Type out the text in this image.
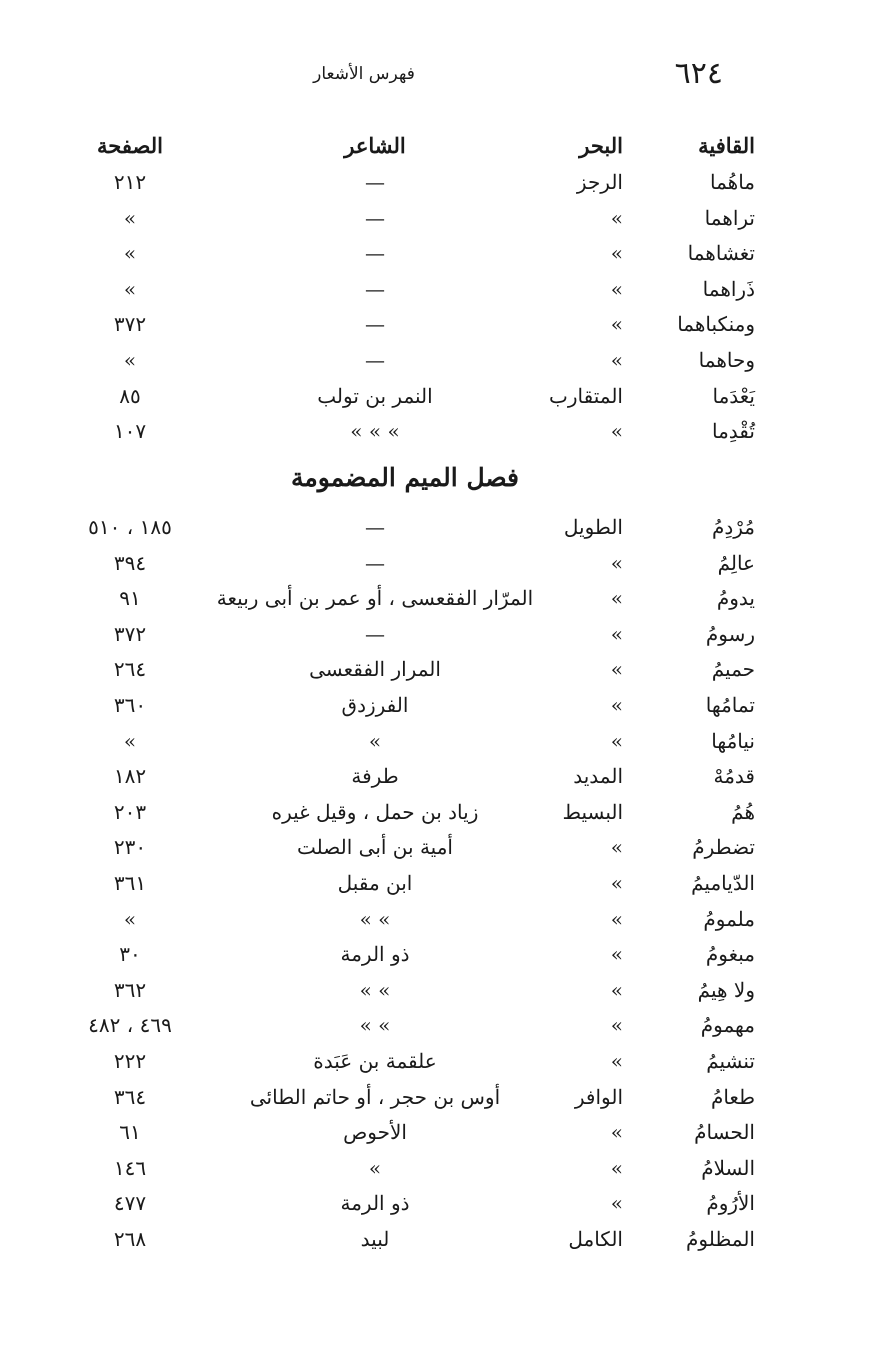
٦٢٤
فهرس الأشعار
القافية
البحر
الشاعر
الصفحة
ماهُما
الرجز
—
٢١٢
تراهما
»
—
»
تغشاهما
»
—
»
ذَراهما
»
—
»
ومنكباهما
»
—
٣٧٢
وحاهما
»
—
»
يَعْدَما
المتقارب
النمر بن تولب
٨٥
تُقْدِما
»
» » »
١٠٧
فصل الميم المضمومة
مُرْدِمُ
الطويل
—
١٨٥ ، ٥١٠
عالِمُ
»
—
٣٩٤
يدومُ
»
المرّار الفقعسى ، أو عمر بن أبى ربيعة
٩١
رسومُ
»
—
٣٧٢
حميمُ
»
المرار الفقعسى
٢٦٤
تمامُها
»
الفرزدق
٣٦٠
نيامُها
»
»
»
قدمُهْ
المديد
طرفة
١٨٢
هُمُ
البسيط
زياد بن حمل ، وقيل غيره
٢٠٣
تضطرمُ
»
أمية بن أبى الصلت
٢٣٠
الدّياميمُ
»
ابن مقبل
٣٦١
ملمومُ
»
» »
»
مبغومُ
»
ذو الرمة
٣٠
ولا هِيمُ
»
» »
٣٦٢
مهمومُ
»
» »
٤٦٩ ، ٤٨٢
تنشيمُ
»
علقمة بن عَبَدة
٢٢٢
طعامُ
الوافر
أوس بن حجر ، أو حاتم الطائى
٣٦٤
الحسامُ
»
الأحوص
٦١
السلامُ
»
»
١٤٦
الأرُومُ
»
ذو الرمة
٤٧٧
المظلومُ
الكامل
لبيد
٢٦٨
